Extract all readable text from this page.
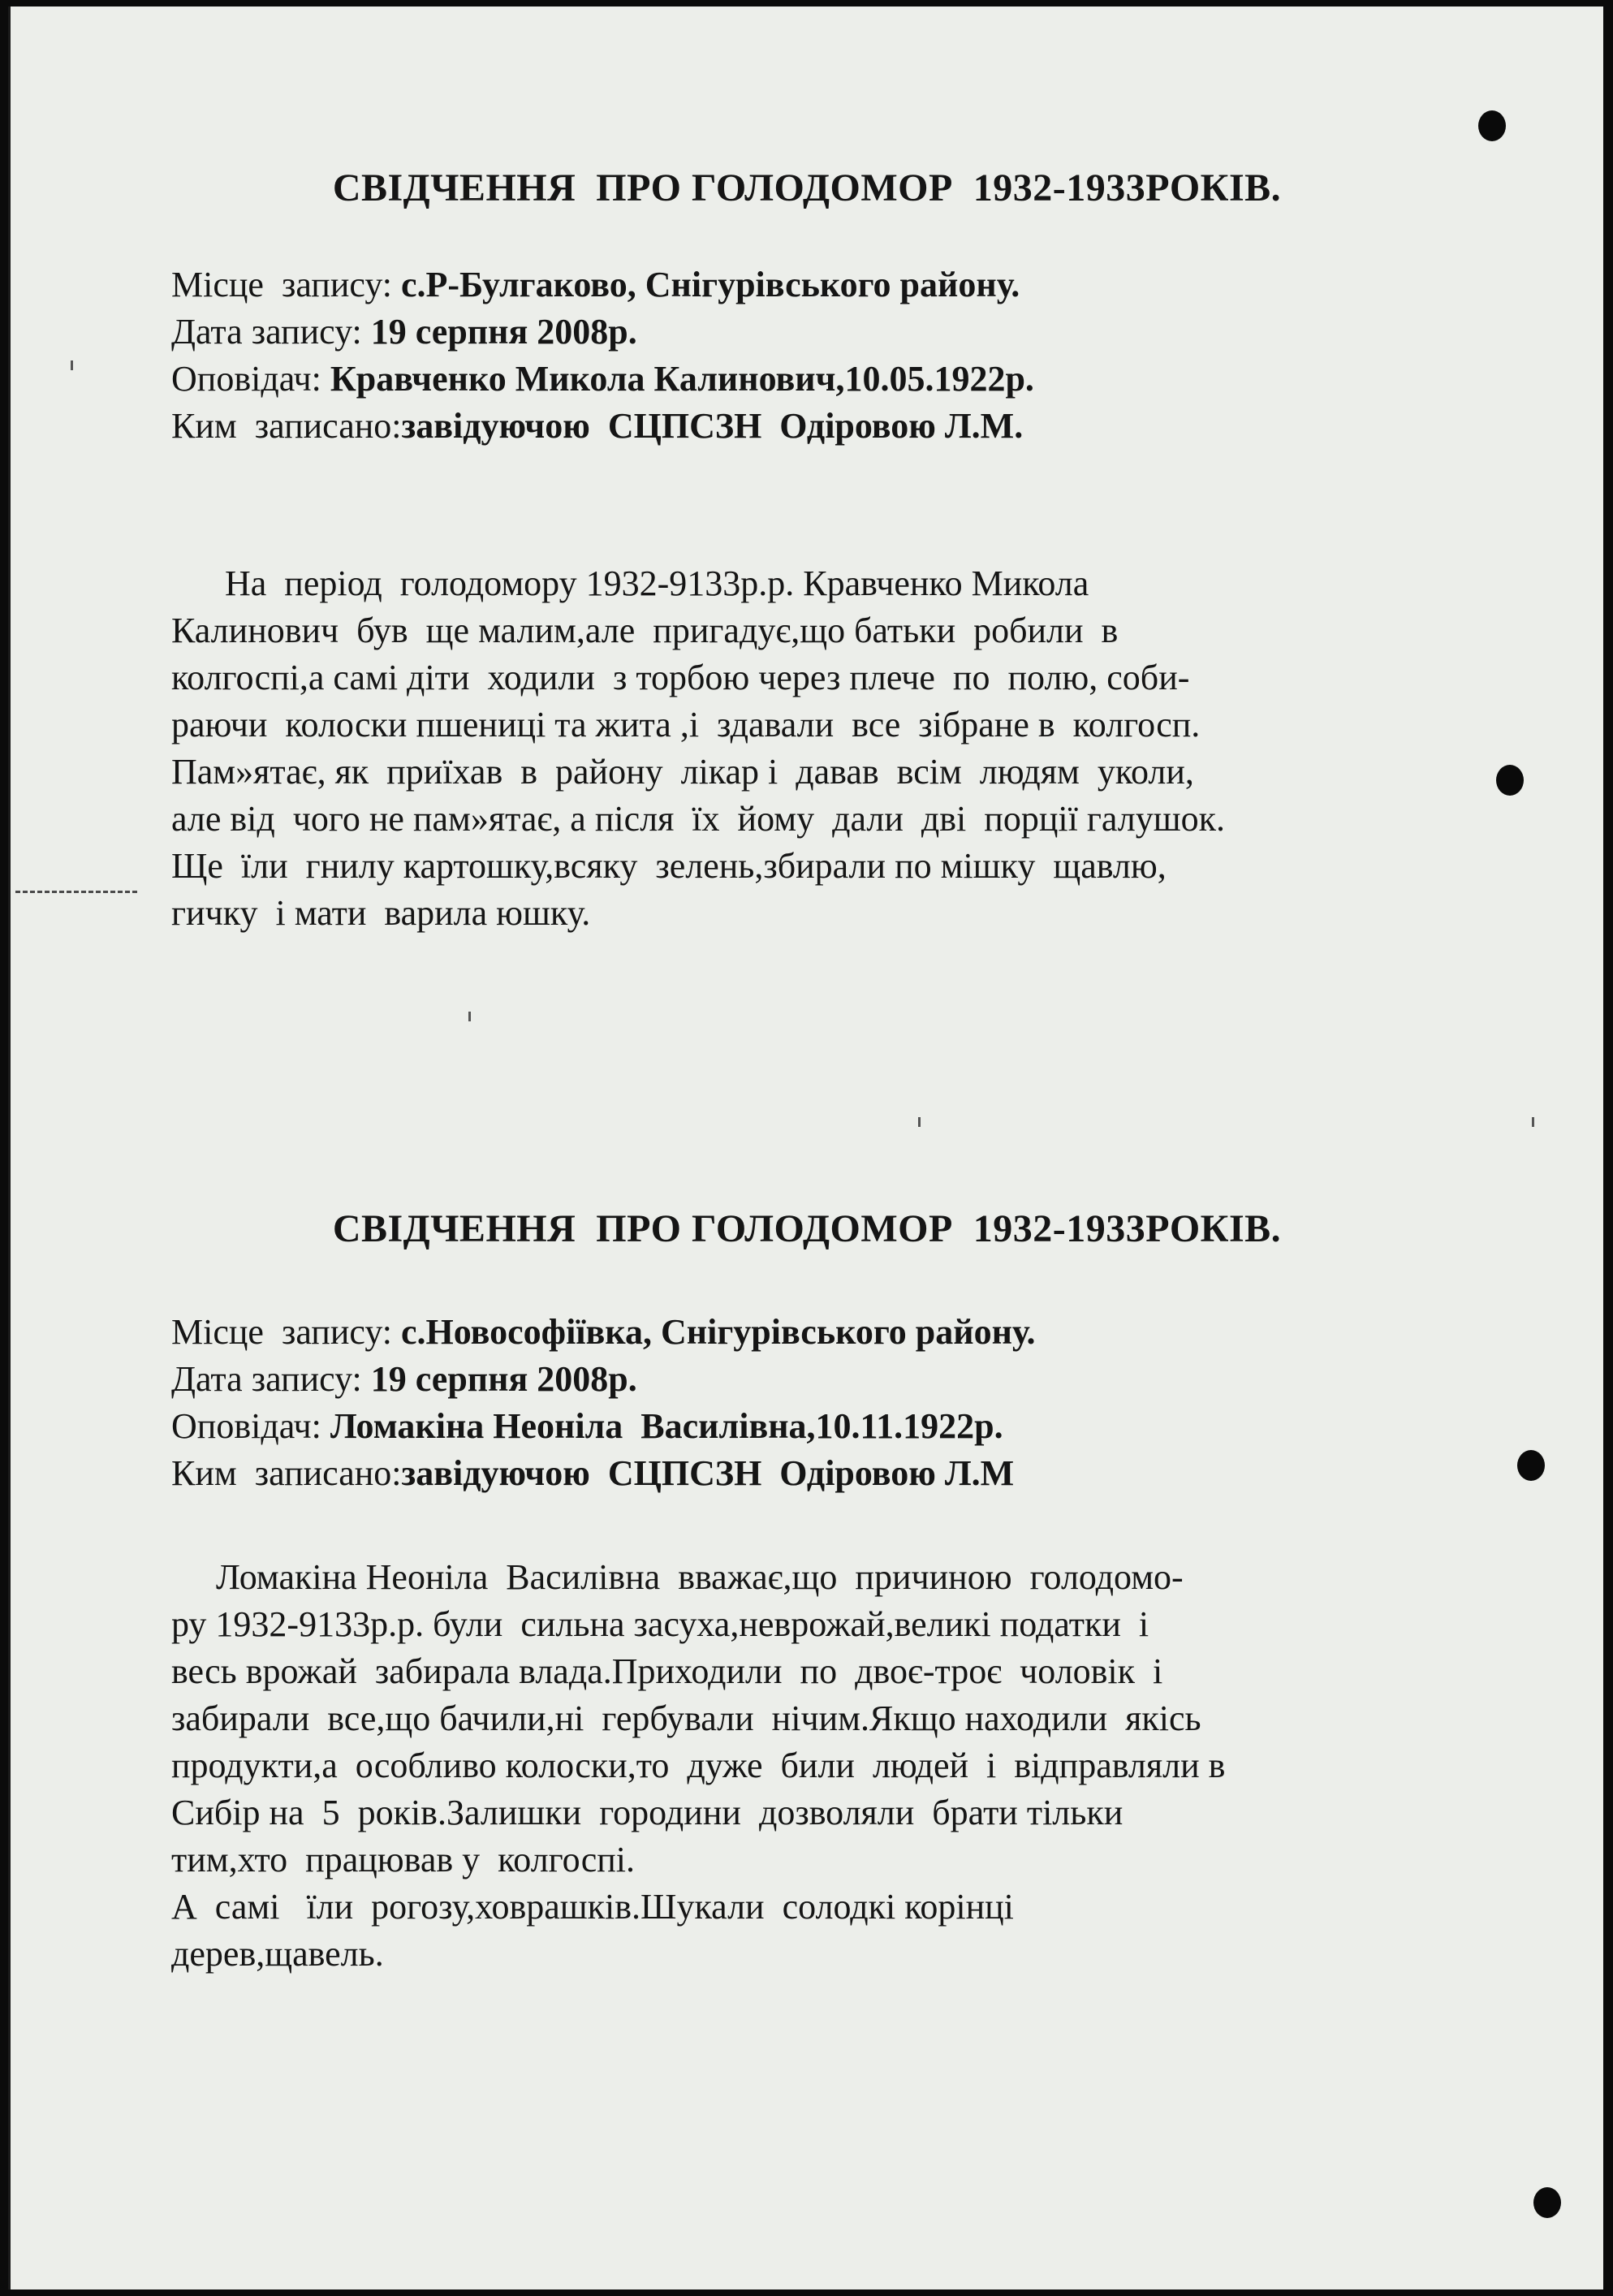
СВІДЧЕННЯ  ПРО ГОЛОДОМОР  1932-1933РОКІВ.
Місце  запису: с.Р-Булгаково, Снігурівського району.
Дата запису: 19 серпня 2008р.
Оповідач: Кравченко Микола Калинович,10.05.1922р.
Ким  записано:завідуючою  СЦПСЗН  Одіровою Л.М.
На  період  голодомору 1932-9133р.р. Кравченко Микола
Калинович  був  ще малим,але  пригадує,що батьки  робили  в
колгоспі,а самі діти  ходили  з торбою через плече  по  полю, соби-
раючи  колоски пшениці та жита ,і  здавали  все  зібране в  колгосп.
Пам»ятає, як  приїхав  в  району  лікар і  давав  всім  людям  уколи,
але від  чого не пам»ятає, а після  їх  йому  дали  дві  порції галушок.
Ще  їли  гнилу картошку,всяку  зелень,збирали по мішку  щавлю,
гичку  і мати  варила юшку.
СВІДЧЕННЯ  ПРО ГОЛОДОМОР  1932-1933РОКІВ.
Місце  запису: с.Новософіївка, Снігурівського району.
Дата запису: 19 серпня 2008р.
Оповідач: Ломакіна Неоніла  Василівна,10.11.1922р.
Ким  записано:завідуючою  СЦПСЗН  Одіровою Л.М
Ломакіна Неоніла  Василівна  вважає,що  причиною  голодомо-
ру 1932-9133р.р. були  сильна засуха,неврожай,великі податки  і
весь врожай  забирала влада.Приходили  по  двоє-троє  чоловік  і
забирали  все,що бачили,ні  гербували  нічим.Якщо находили  якісь
продукти,а  особливо колоски,то  дуже  били  людей  і  відправляли в
Сибір на  5  років.Залишки  городини  дозволяли  брати тільки
тим,хто  працював у  колгоспі.
А  самі   їли  рогозу,ховрашків.Шукали  солодкі корінці
дерев,щавель.
